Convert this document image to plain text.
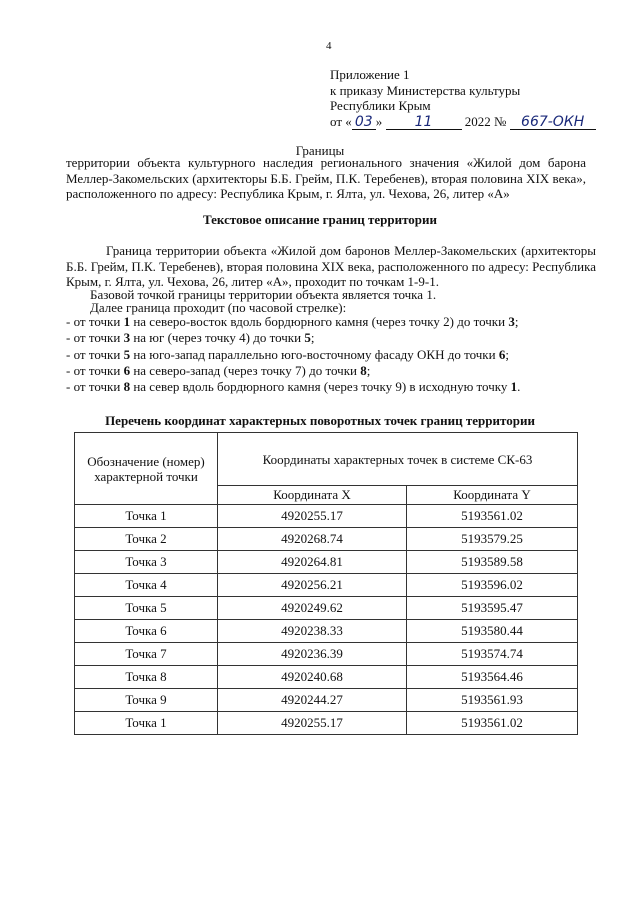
4
Приложение 1
к приказу Министерства культуры
Республики Крым
от « 03 » 11 2022 № 667-ОКН
Границы
территории объекта культурного наследия регионального значения «Жилой дом барона Меллер-Закомельских (архитекторы Б.Б. Грейм, П.К. Теребенев), вторая половина XIX века», расположенного по адресу: Республика Крым, г. Ялта, ул. Чехова, 26, литер «А»
Текстовое описание границ территории
Граница территории объекта «Жилой дом баронов Меллер-Закомельских (архитекторы Б.Б. Грейм, П.К. Теребенев), вторая половина XIX века, расположенного по адресу: Республика Крым, г. Ялта, ул. Чехова, 26, литер «А», проходит по точкам 1-9-1.
Базовой точкой границы территории объекта является точка 1.
Далее граница проходит (по часовой стрелке):
- от точки 1 на северо-восток вдоль бордюрного камня (через точку 2) до точки 3;
- от точки 3 на юг (через точку 4) до точки 5;
- от точки 5 на юго-запад параллельно юго-восточному фасаду ОКН до точки 6;
- от точки 6 на северо-запад (через точку 7) до точки 8;
- от точки 8 на север вдоль бордюрного камня (через точку 9) в исходную точку 1.
Перечень координат характерных поворотных точек границ территории
Обозначение (номер) характерной точки	Координаты характерных точек в системе СК-63	
	Координата X	Координата Y
Точка 1	4920255.17	5193561.02
Точка 2	4920268.74	5193579.25
Точка 3	4920264.81	5193589.58
Точка 4	4920256.21	5193596.02
Точка 5	4920249.62	5193595.47
Точка 6	4920238.33	5193580.44
Точка 7	4920236.39	5193574.74
Точка 8	4920240.68	5193564.46
Точка 9	4920244.27	5193561.93
Точка 1	4920255.17	5193561.02
